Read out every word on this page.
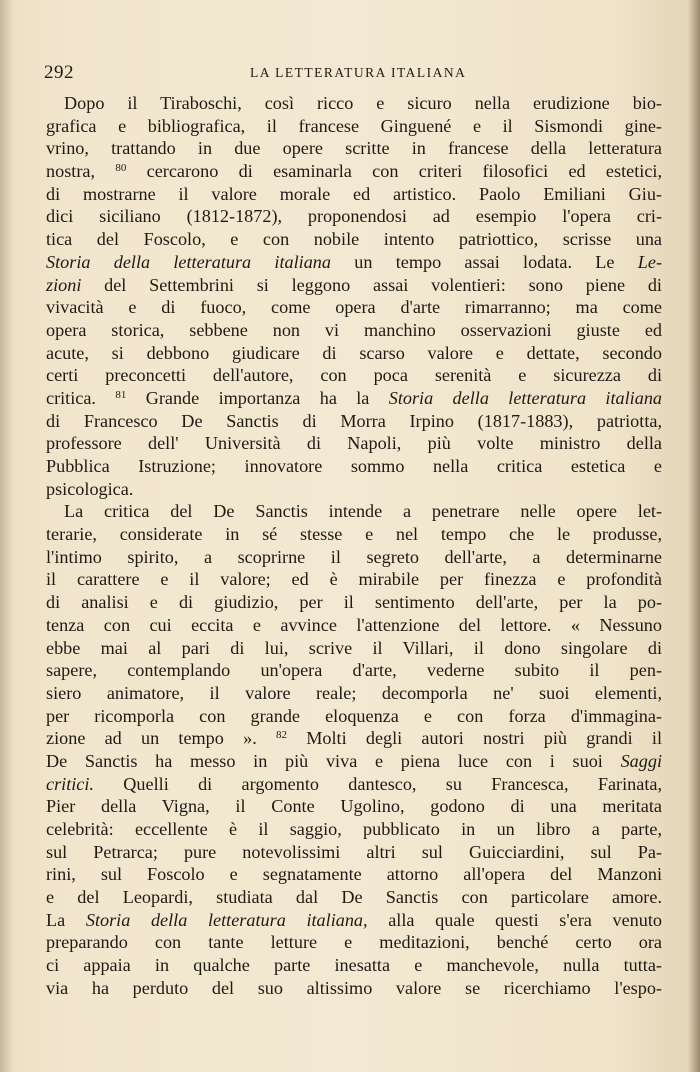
292	LA LETTERATURA ITALIANA
Dopo il Tiraboschi, così ricco e sicuro nella erudizione bio-
grafica e bibliografica, il francese Ginguené e il Sismondi gine-
vrino, trattando in due opere scritte in francese della letteratura
nostra, $^{80}$ cercarono di esaminarla con criteri filosofici ed estetici,
di mostrarne il valore morale ed artistico. Paolo Emiliani Giu-
dici siciliano (1812-1872), proponendosi ad esempio l'opera cri-
tica del Foscolo, e con nobile intento patriottico, scrisse una
Storia della letteratura italiana un tempo assai lodata. Le Le-
zioni del Settembrini si leggono assai volentieri: sono piene di
vivacità e di fuoco, come opera d'arte rimarranno; ma come
opera storica, sebbene non vi manchino osservazioni giuste ed
acute, si debbono giudicare di scarso valore e dettate, secondo
certi preconcetti dell'autore, con poca serenità e sicurezza di
critica. $^{81}$ Grande importanza ha la Storia della letteratura italiana
di Francesco De Sanctis di Morra Irpino (1817-1883), patriotta,
professore dell' Università di Napoli, più volte ministro della
Pubblica Istruzione; innovatore sommo nella critica estetica e
psicologica.
La critica del De Sanctis intende a penetrare nelle opere let-
terarie, considerate in sé stesse e nel tempo che le produsse,
l'intimo spirito, a scoprirne il segreto dell'arte, a determinarne
il carattere e il valore; ed è mirabile per finezza e profondità
di analisi e di giudizio, per il sentimento dell'arte, per la po-
tenza con cui eccita e avvince l'attenzione del lettore. « Nessuno
ebbe mai al pari di lui, scrive il Villari, il dono singolare di
sapere, contemplando un'opera d'arte, vederne subito il pen-
siero animatore, il valore reale; decomporla ne' suoi elementi,
per ricomporla con grande eloquenza e con forza d'immagina-
zione ad un tempo ». $^{82}$ Molti degli autori nostri più grandi il
De Sanctis ha messo in più viva e piena luce con i suoi Saggi
critici. Quelli di argomento dantesco, su Francesca, Farinata,
Pier della Vigna, il Conte Ugolino, godono di una meritata
celebrità: eccellente è il saggio, pubblicato in un libro a parte,
sul Petrarca; pure notevolissimi altri sul Guicciardini, sul Pa-
rini, sul Foscolo e segnatamente attorno all'opera del Manzoni
e del Leopardi, studiata dal De Sanctis con particolare amore.
La Storia della letteratura italiana, alla quale questi s'era venuto
preparando con tante letture e meditazioni, benché certo ora
ci appaia in qualche parte inesatta e manchevole, nulla tutta-
via ha perduto del suo altissimo valore se ricerchiamo l'espo-
